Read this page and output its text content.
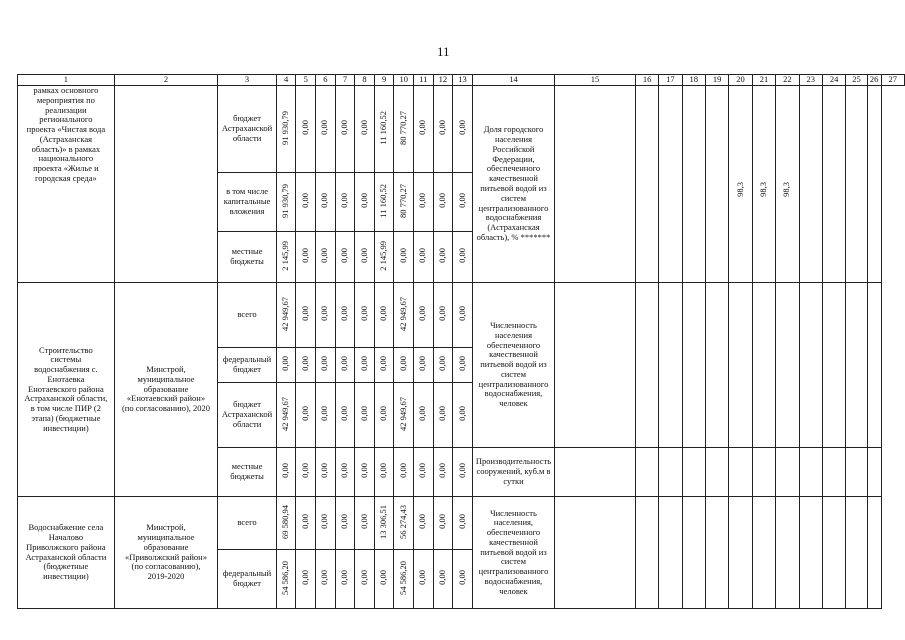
11
1	2	3	4	5	6	7	8	9	10	11	12	13	14	15	16	17	18	19	20	21	22	23	24	25	26	27
рамках основного мероприятия по реализации регионального проекта «Чистая вода (Астраханская область)» в рамках национального проекта «Жилье и городская среда»		бюджет Астраханской области	91 930,79	0,00	0,00	0,00	0,00	11 160,52	80 770,27	0,00	0,00	0,00	Доля городского населения Российской Федерации, обеспеченного качественной питьевой водой из систем централизованного водоснабжения (Астраханская область), % *******						98,3	98,3	98,3					
		в том числе капитальные вложения	91 930,79	0,00	0,00	0,00	0,00	11 160,52	80 770,27	0,00	0,00	0,00														
		местные бюджеты	2 145,99	0,00	0,00	0,00	0,00	2 145,99	0,00	0,00	0,00	0,00														
Строительство системы водоснабжения с. Енотаевка Енотаевского района Астраханской области, в том числе ПИР (2 этапа) (бюджетные инвестиции)	Минстрой, муниципальное образование «Енотаевский район» (по согласованию), 2020	всего	42 949,67	0,00	0,00	0,00	0,00	0,00	42 949,67	0,00	0,00	0,00	Численность населения обеспеченного качественной питьевой водой из систем централизованного водоснабжения, человек													
		федеральный бюджет	0,00	0,00	0,00	0,00	0,00	0,00	0,00	0,00	0,00	0,00														
		бюджет Астраханской области	42 949,67	0,00	0,00	0,00	0,00	0,00	42 949,67	0,00	0,00	0,00														
		местные бюджеты	0,00	0,00	0,00	0,00	0,00	0,00	0,00	0,00	0,00	0,00	Производительность сооружений, куб.м в сутки													
Водоснабжение села Началово Приволжского района Астраханской области (бюджетные инвестиции)	Минстрой, муниципальное образование «Приволжский район» (по согласованию), 2019-2020	всего	69 580,94	0,00	0,00	0,00	0,00	13 306,51	56 274,43	0,00	0,00	0,00	Численность населения, обеспеченного качественной питьевой водой из систем централизованного водоснабжения, человек													
		федеральный бюджет	54 586,20	0,00	0,00	0,00	0,00	0,00	54 586,20	0,00	0,00	0,00														
